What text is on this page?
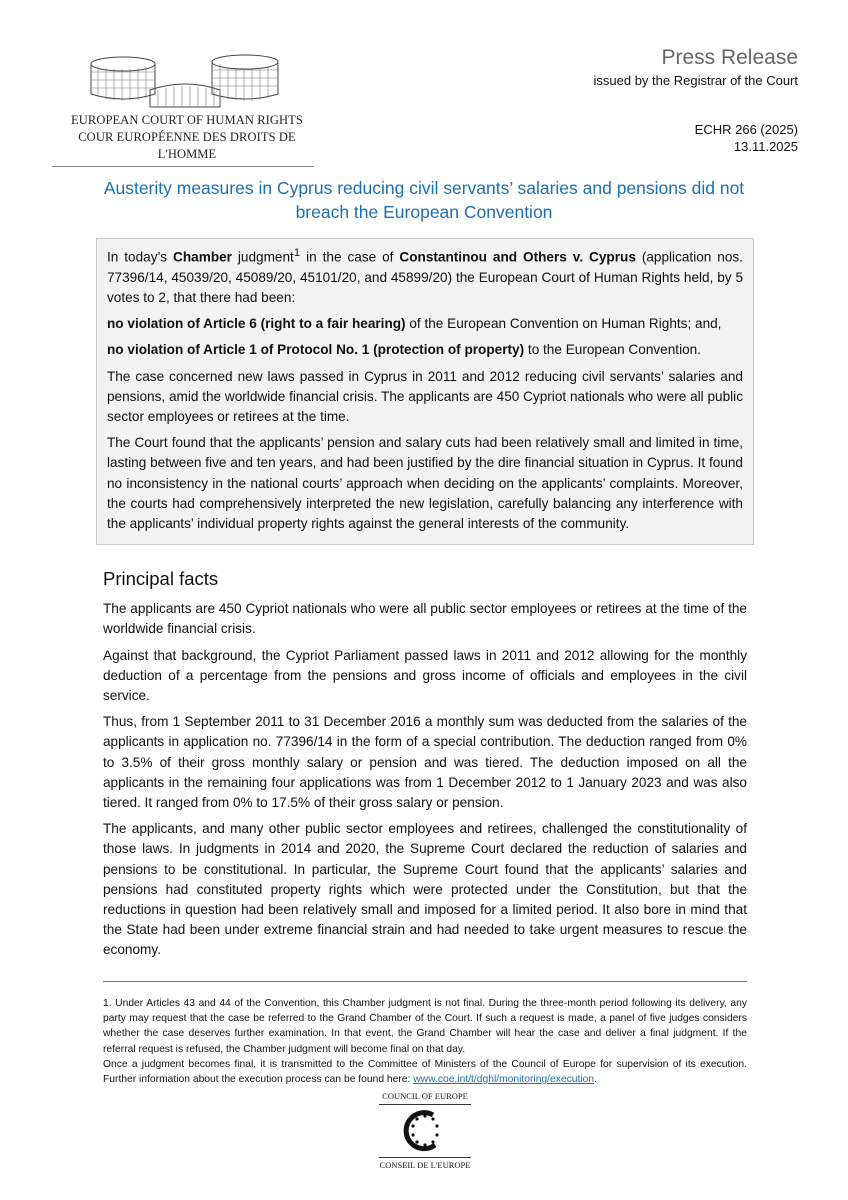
EUROPEAN COURT OF HUMAN RIGHTS
COUR EUROPÉENNE DES DROITS DE L'HOMME
Press Release
issued by the Registrar of the Court
ECHR 266 (2025)
13.11.2025
Austerity measures in Cyprus reducing civil servants’ salaries and pensions did not breach the European Convention

In today’s Chamber judgment$^1$ in the case of Constantinou and Others v. Cyprus (application nos. 77396/14, 45039/20, 45089/20, 45101/20, and 45899/20) the European Court of Human Rights held, by 5 votes to 2, that there had been:

no violation of Article 6 (right to a fair hearing) of the European Convention on Human Rights; and,

no violation of Article 1 of Protocol No. 1 (protection of property) to the European Convention.

The case concerned new laws passed in Cyprus in 2011 and 2012 reducing civil servants’ salaries and pensions, amid the worldwide financial crisis. The applicants are 450 Cypriot nationals who were all public sector employees or retirees at the time.

The Court found that the applicants’ pension and salary cuts had been relatively small and limited in time, lasting between five and ten years, and had been justified by the dire financial situation in Cyprus. It found no inconsistency in the national courts’ approach when deciding on the applicants’ complaints. Moreover, the courts had comprehensively interpreted the new legislation, carefully balancing any interference with the applicants’ individual property rights against the general interests of the community.

Principal facts

The applicants are 450 Cypriot nationals who were all public sector employees or retirees at the time of the worldwide financial crisis.

Against that background, the Cypriot Parliament passed laws in 2011 and 2012 allowing for the monthly deduction of a percentage from the pensions and gross income of officials and employees in the civil service.

Thus, from 1 September 2011 to 31 December 2016 a monthly sum was deducted from the salaries of the applicants in application no. 77396/14 in the form of a special contribution. The deduction ranged from 0% to 3.5% of their gross monthly salary or pension and was tiered. The deduction imposed on all the applicants in the remaining four applications was from 1 December 2012 to 1 January 2023 and was also tiered. It ranged from 0% to 17.5% of their gross salary or pension.

The applicants, and many other public sector employees and retirees, challenged the constitutionality of those laws. In judgments in 2014 and 2020, the Supreme Court declared the reduction of salaries and pensions to be constitutional. In particular, the Supreme Court found that the applicants’ salaries and pensions had constituted property rights which were protected under the Constitution, but that the reductions in question had been relatively small and imposed for a limited period. It also bore in mind that the State had been under extreme financial strain and had needed to take urgent measures to rescue the economy.

1. Under Articles 43 and 44 of the Convention, this Chamber judgment is not final. During the three-month period following its delivery, any party may request that the case be referred to the Grand Chamber of the Court. If such a request is made, a panel of five judges considers whether the case deserves further examination. In that event, the Grand Chamber will hear the case and deliver a final judgment. If the referral request is refused, the Chamber judgment will become final on that day.
Once a judgment becomes final, it is transmitted to the Committee of Ministers of the Council of Europe for supervision of its execution. Further information about the execution process can be found here: www.coe.int/t/dghl/monitoring/execution.
COUNCIL OF EUROPE
CONSEIL DE L'EUROPE
